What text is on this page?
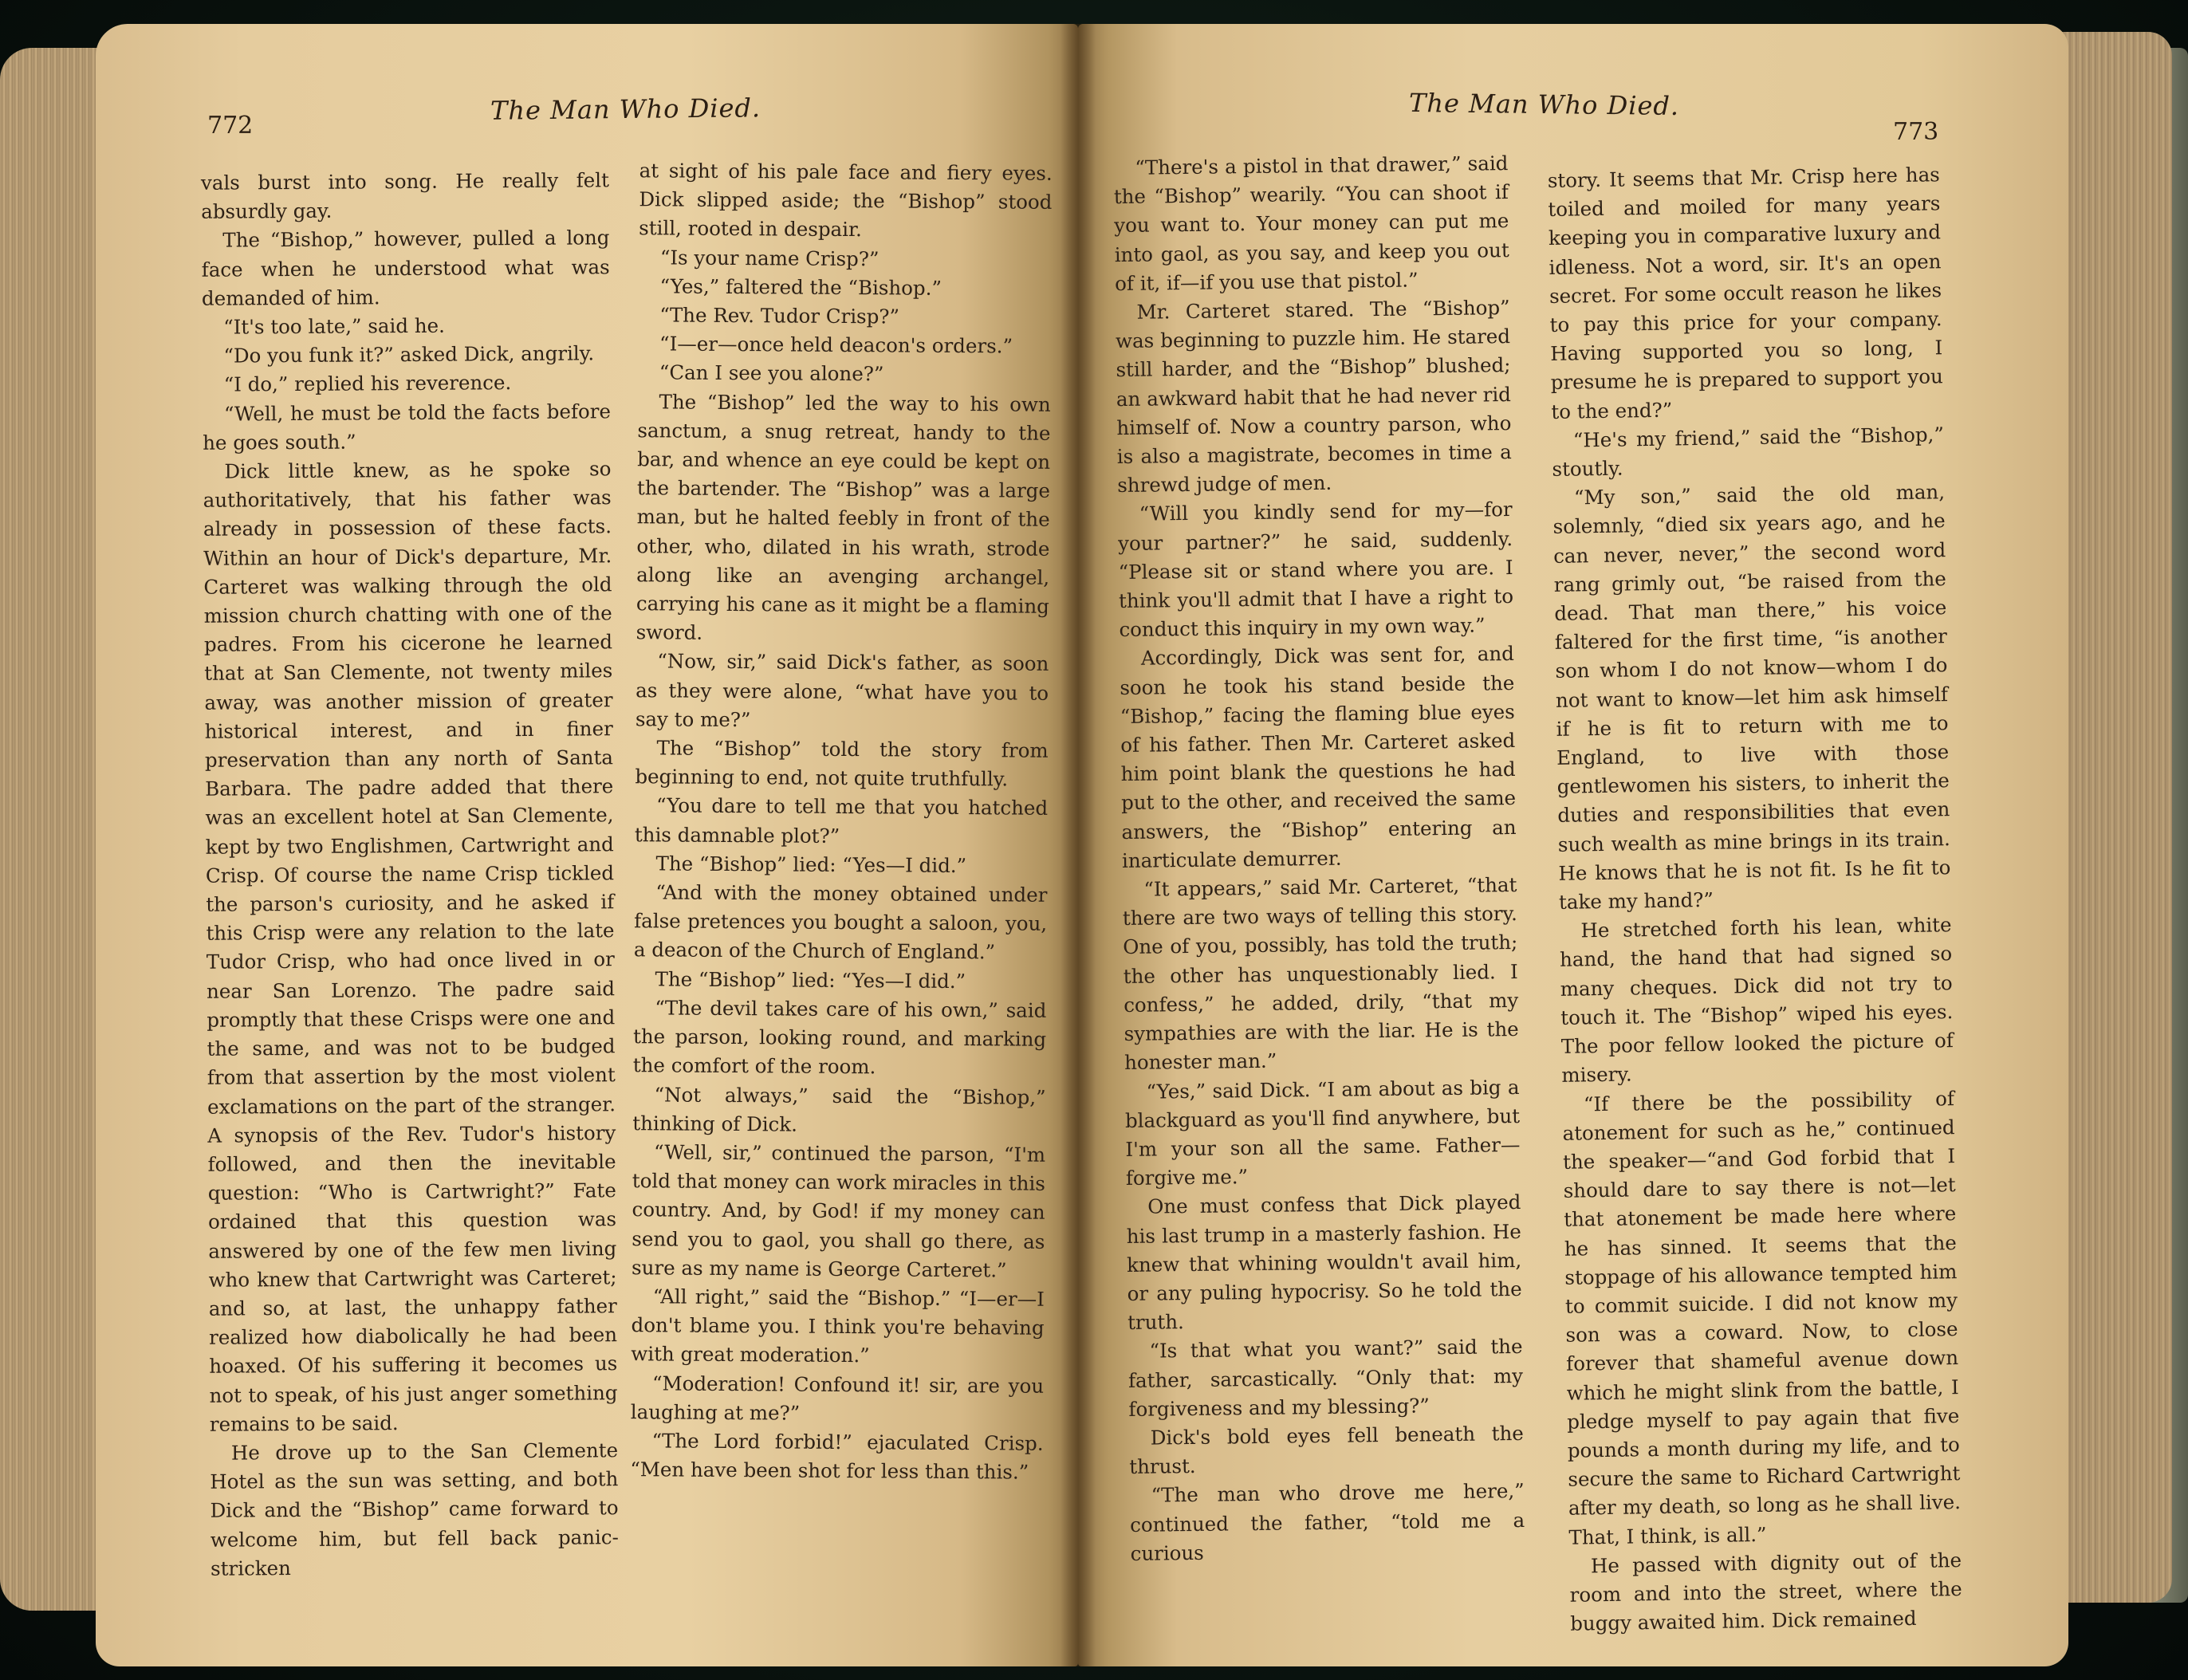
772	The Man Who Died.

vals burst into song. He really felt absurdly gay.

The “Bishop,” however, pulled a long face when he understood what was demanded of him.

“It's too late,” said he.

“Do you funk it?” asked Dick, angrily.

“I do,” replied his reverence.

“Well, he must be told the facts before he goes south.”

Dick little knew, as he spoke so authoritatively, that his father was already in possession of these facts. Within an hour of Dick's departure, Mr. Carteret was walking through the old mission church chatting with one of the padres. From his cicerone he learned that at San Clemente, not twenty miles away, was another mission of greater historical interest, and in finer preservation than any north of Santa Barbara. The padre added that there was an excellent hotel at San Clemente, kept by two Englishmen, Cartwright and Crisp. Of course the name Crisp tickled the parson's curiosity, and he asked if this Crisp were any relation to the late Tudor Crisp, who had once lived in or near San Lorenzo. The padre said promptly that these Crisps were one and the same, and was not to be budged from that assertion by the most violent exclamations on the part of the stranger. A synopsis of the Rev. Tudor's history followed, and then the inevitable question: “Who is Cartwright?” Fate ordained that this question was answered by one of the few men living who knew that Cartwright was Carteret; and so, at last, the unhappy father realized how diabolically he had been hoaxed. Of his suffering it becomes us not to speak, of his just anger something remains to be said.

He drove up to the San Clemente Hotel as the sun was setting, and both Dick and the “Bishop” came forward to welcome him, but fell back panic-stricken

at sight of his pale face and fiery eyes. Dick slipped aside; the “Bishop” stood still, rooted in despair.

“Is your name Crisp?”

“Yes,” faltered the “Bishop.”

“The Rev. Tudor Crisp?”

“I—er—once held deacon's orders.”

“Can I see you alone?”

The “Bishop” led the way to his own sanctum, a snug retreat, handy to the bar, and whence an eye could be kept on the bartender. The “Bishop” was a large man, but he halted feebly in front of the other, who, dilated in his wrath, strode along like an avenging archangel, carrying his cane as it might be a flaming sword.

“Now, sir,” said Dick's father, as soon as they were alone, “what have you to say to me?”

The “Bishop” told the story from beginning to end, not quite truthfully.

“You dare to tell me that you hatched this damnable plot?”

The “Bishop” lied: “Yes—I did.”

“And with the money obtained under false pretences you bought a saloon, you, a deacon of the Church of England.”

The “Bishop” lied: “Yes—I did.”

“The devil takes care of his own,” said the parson, looking round, and marking the comfort of the room.

“Not always,” said the “Bishop,” thinking of Dick.

“Well, sir,” continued the parson, “I'm told that money can work miracles in this country. And, by God! if my money can send you to gaol, you shall go there, as sure as my name is George Carteret.”

“All right,” said the “Bishop.” “I—er—I don't blame you. I think you're behaving with great moderation.”

“Moderation! Confound it! sir, are you laughing at me?”

“The Lord forbid!” ejaculated Crisp. “Men have been shot for less than this.”

The Man Who Died.
773

“There's a pistol in that drawer,” said the “Bishop” wearily. “You can shoot if you want to. Your money can put me into gaol, as you say, and keep you out of it, if—if you use that pistol.”

Mr. Carteret stared. The “Bishop” was beginning to puzzle him. He stared still harder, and the “Bishop” blushed; an awkward habit that he had never rid himself of. Now a country parson, who is also a magistrate, becomes in time a shrewd judge of men.

“Will you kindly send for my—for your partner?” he said, suddenly. “Please sit or stand where you are. I think you'll admit that I have a right to conduct this inquiry in my own way.”

Accordingly, Dick was sent for, and soon he took his stand beside the “Bishop,” facing the flaming blue eyes of his father. Then Mr. Carteret asked him point blank the questions he had put to the other, and received the same answers, the “Bishop” entering an inarticulate demurrer.

“It appears,” said Mr. Carteret, “that there are two ways of telling this story. One of you, possibly, has told the truth; the other has unquestionably lied. I confess,” he added, drily, “that my sympathies are with the liar. He is the honester man.”

“Yes,” said Dick. “I am about as big a blackguard as you'll find anywhere, but I'm your son all the same. Father—forgive me.”

One must confess that Dick played his last trump in a masterly fashion. He knew that whining wouldn't avail him, or any puling hypocrisy. So he told the truth.

“Is that what you want?” said the father, sarcastically. “Only that: my forgiveness and my blessing?”

Dick's bold eyes fell beneath the thrust.

“The man who drove me here,” continued the father, “told me a curious

story. It seems that Mr. Crisp here has toiled and moiled for many years keeping you in comparative luxury and idleness. Not a word, sir. It's an open secret. For some occult reason he likes to pay this price for your company. Having supported you so long, I presume he is prepared to support you to the end?”

“He's my friend,” said the “Bishop,” stoutly.

“My son,” said the old man, solemnly, “died six years ago, and he can never, never,” the second word rang grimly out, “be raised from the dead. That man there,” his voice faltered for the first time, “is another son whom I do not know—whom I do not want to know—let him ask himself if he is fit to return with me to England, to live with those gentlewomen his sisters, to inherit the duties and responsibilities that even such wealth as mine brings in its train. He knows that he is not fit. Is he fit to take my hand?”

He stretched forth his lean, white hand, the hand that had signed so many cheques. Dick did not try to touch it. The “Bishop” wiped his eyes. The poor fellow looked the picture of misery.

“If there be the possibility of atonement for such as he,” continued the speaker—“and God forbid that I should dare to say there is not—let that atonement be made here where he has sinned. It seems that the stoppage of his allowance tempted him to commit suicide. I did not know my son was a coward. Now, to close forever that shameful avenue down which he might slink from the battle, I pledge myself to pay again that five pounds a month during my life, and to secure the same to Richard Cartwright after my death, so long as he shall live. That, I think, is all.”

He passed with dignity out of the room and into the street, where the buggy awaited him. Dick remained
